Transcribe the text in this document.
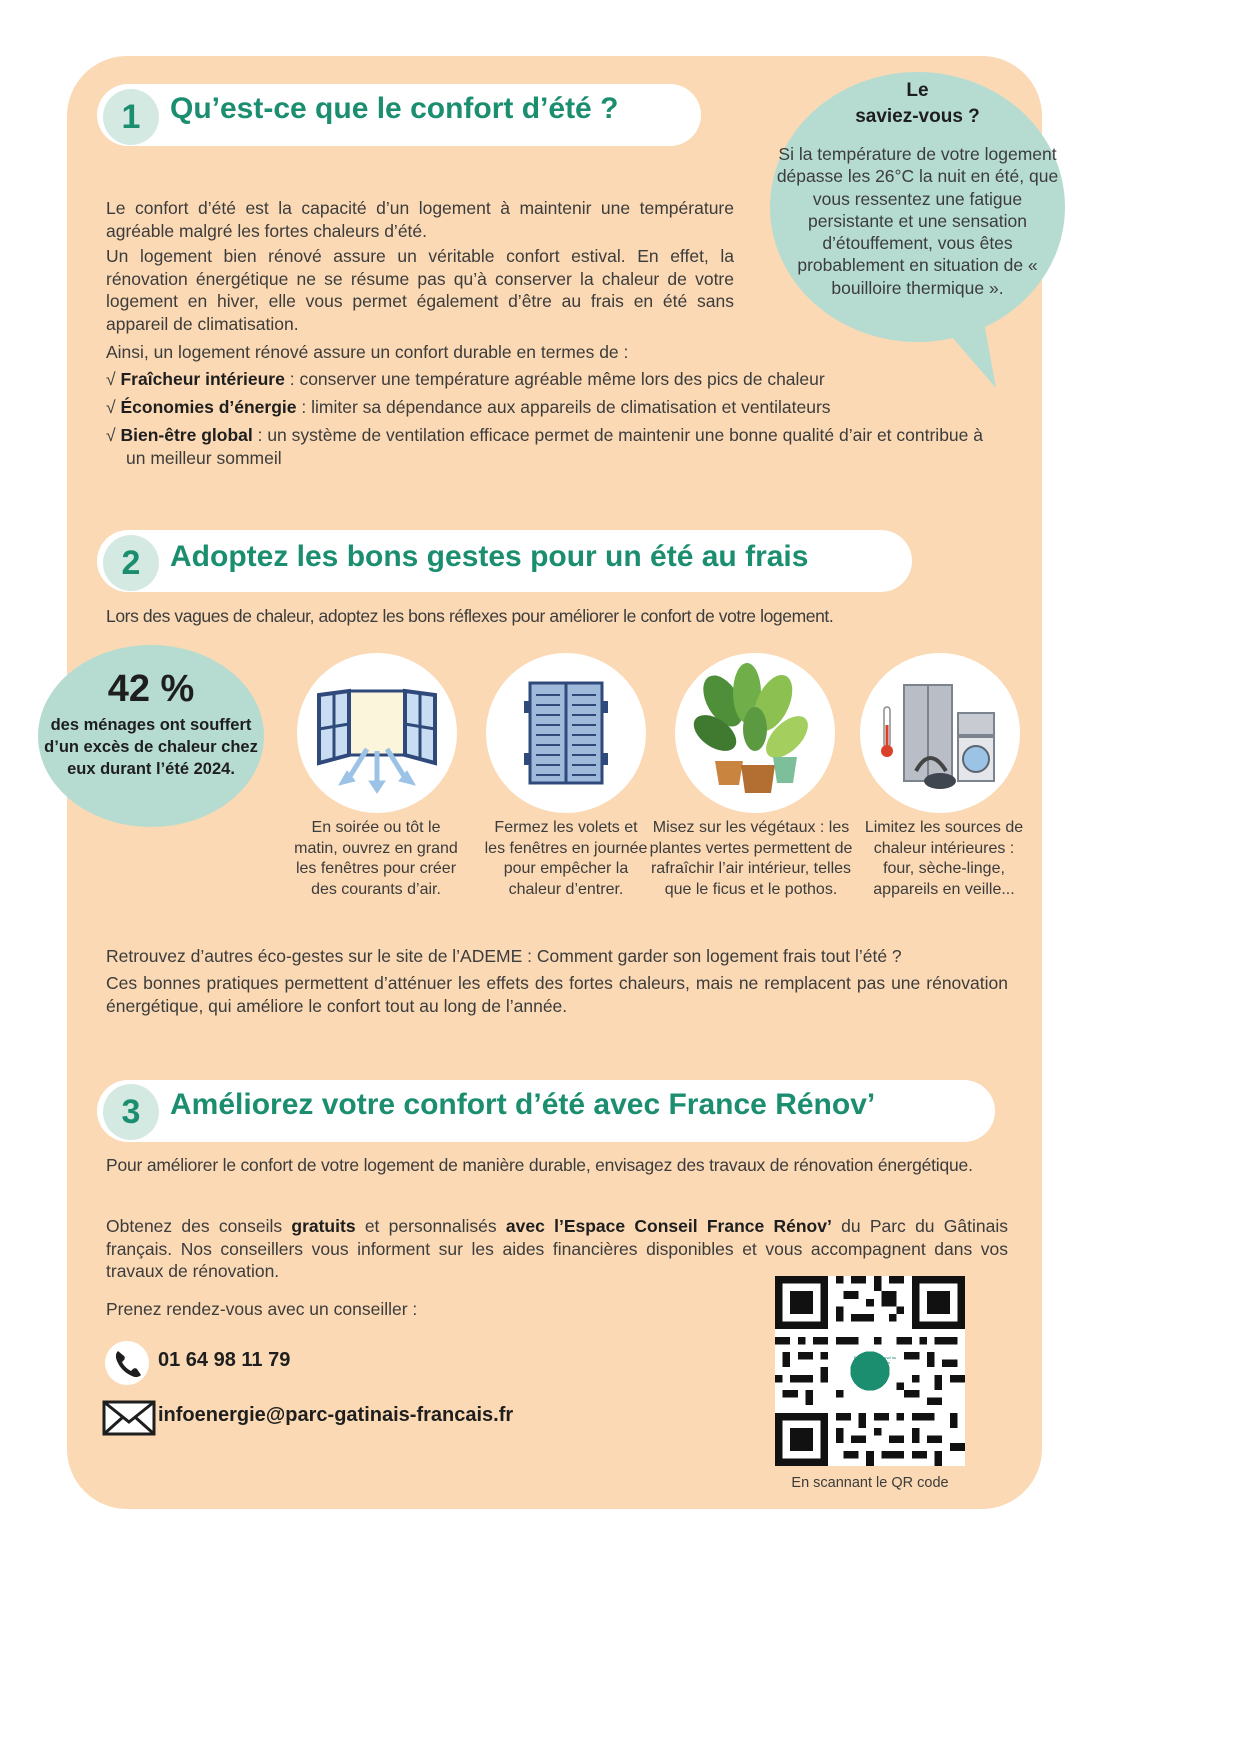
1 Qu’est-ce que le confort d’été ?
Le confort d’été est la capacité d’un logement à maintenir une température agréable malgré les fortes chaleurs d’été.
Un logement bien rénové assure un véritable confort estival. En effet, la rénovation énergétique ne se résume pas qu’à conserver la chaleur de votre logement en hiver, elle vous permet également d’être au frais en été sans appareil de climatisation.
Ainsi, un logement rénové assure un confort durable en termes de :
√ Fraîcheur intérieure : conserver une température agréable même lors des pics de chaleur
√ Économies d’énergie : limiter sa dépendance aux appareils de climatisation et ventilateurs
√ Bien-être global : un système de ventilation efficace permet de maintenir une bonne qualité d’air et contribue à un meilleur sommeil
Le
saviez-vous ?
Si la température de votre logement dépasse les 26°C la nuit en été, que vous ressentez une fatigue persistante et une sensation d’étouffement, vous êtes probablement en situation de « bouilloire thermique ».
2 Adoptez les bons gestes pour un été au frais
Lors des vagues de chaleur, adoptez les bons réflexes pour améliorer le confort de votre logement.
42 %
des ménages ont souffert d’un excès de chaleur chez eux durant l’été 2024.
En soirée ou tôt le matin, ouvrez en grand les fenêtres pour créer des courants d’air.
Fermez les volets et les fenêtres en journée pour empêcher la chaleur d’entrer.
Misez sur les végétaux : les plantes vertes permettent de rafraîchir l’air intérieur, telles que le ficus et le pothos.
Limitez les sources de chaleur intérieures : four, sèche-linge, appareils en veille...
Retrouvez d’autres éco-gestes sur le site de l’ADEME : Comment garder son logement frais tout l’été ?
Ces bonnes pratiques permettent d’atténuer les effets des fortes chaleurs, mais ne remplacent pas une rénovation énergétique, qui améliore le confort tout au long de l’année.
3 Améliorez votre confort d’été avec France Rénov’
Pour améliorer le confort de votre logement de manière durable, envisagez des travaux de rénovation énergétique.
Obtenez des conseils gratuits et personnalisés avec l’Espace Conseil France Rénov’ du Parc du Gâtinais français. Nos conseillers vous informent sur les aides financières disponibles et vous accompagnent dans vos travaux de rénovation.
Prenez rendez-vous avec un conseiller :
01 64 98 11 79
infoenergie@parc-gatinais-francais.fr
Parc naturel régional du Gâtinais français
En scannant le QR code
